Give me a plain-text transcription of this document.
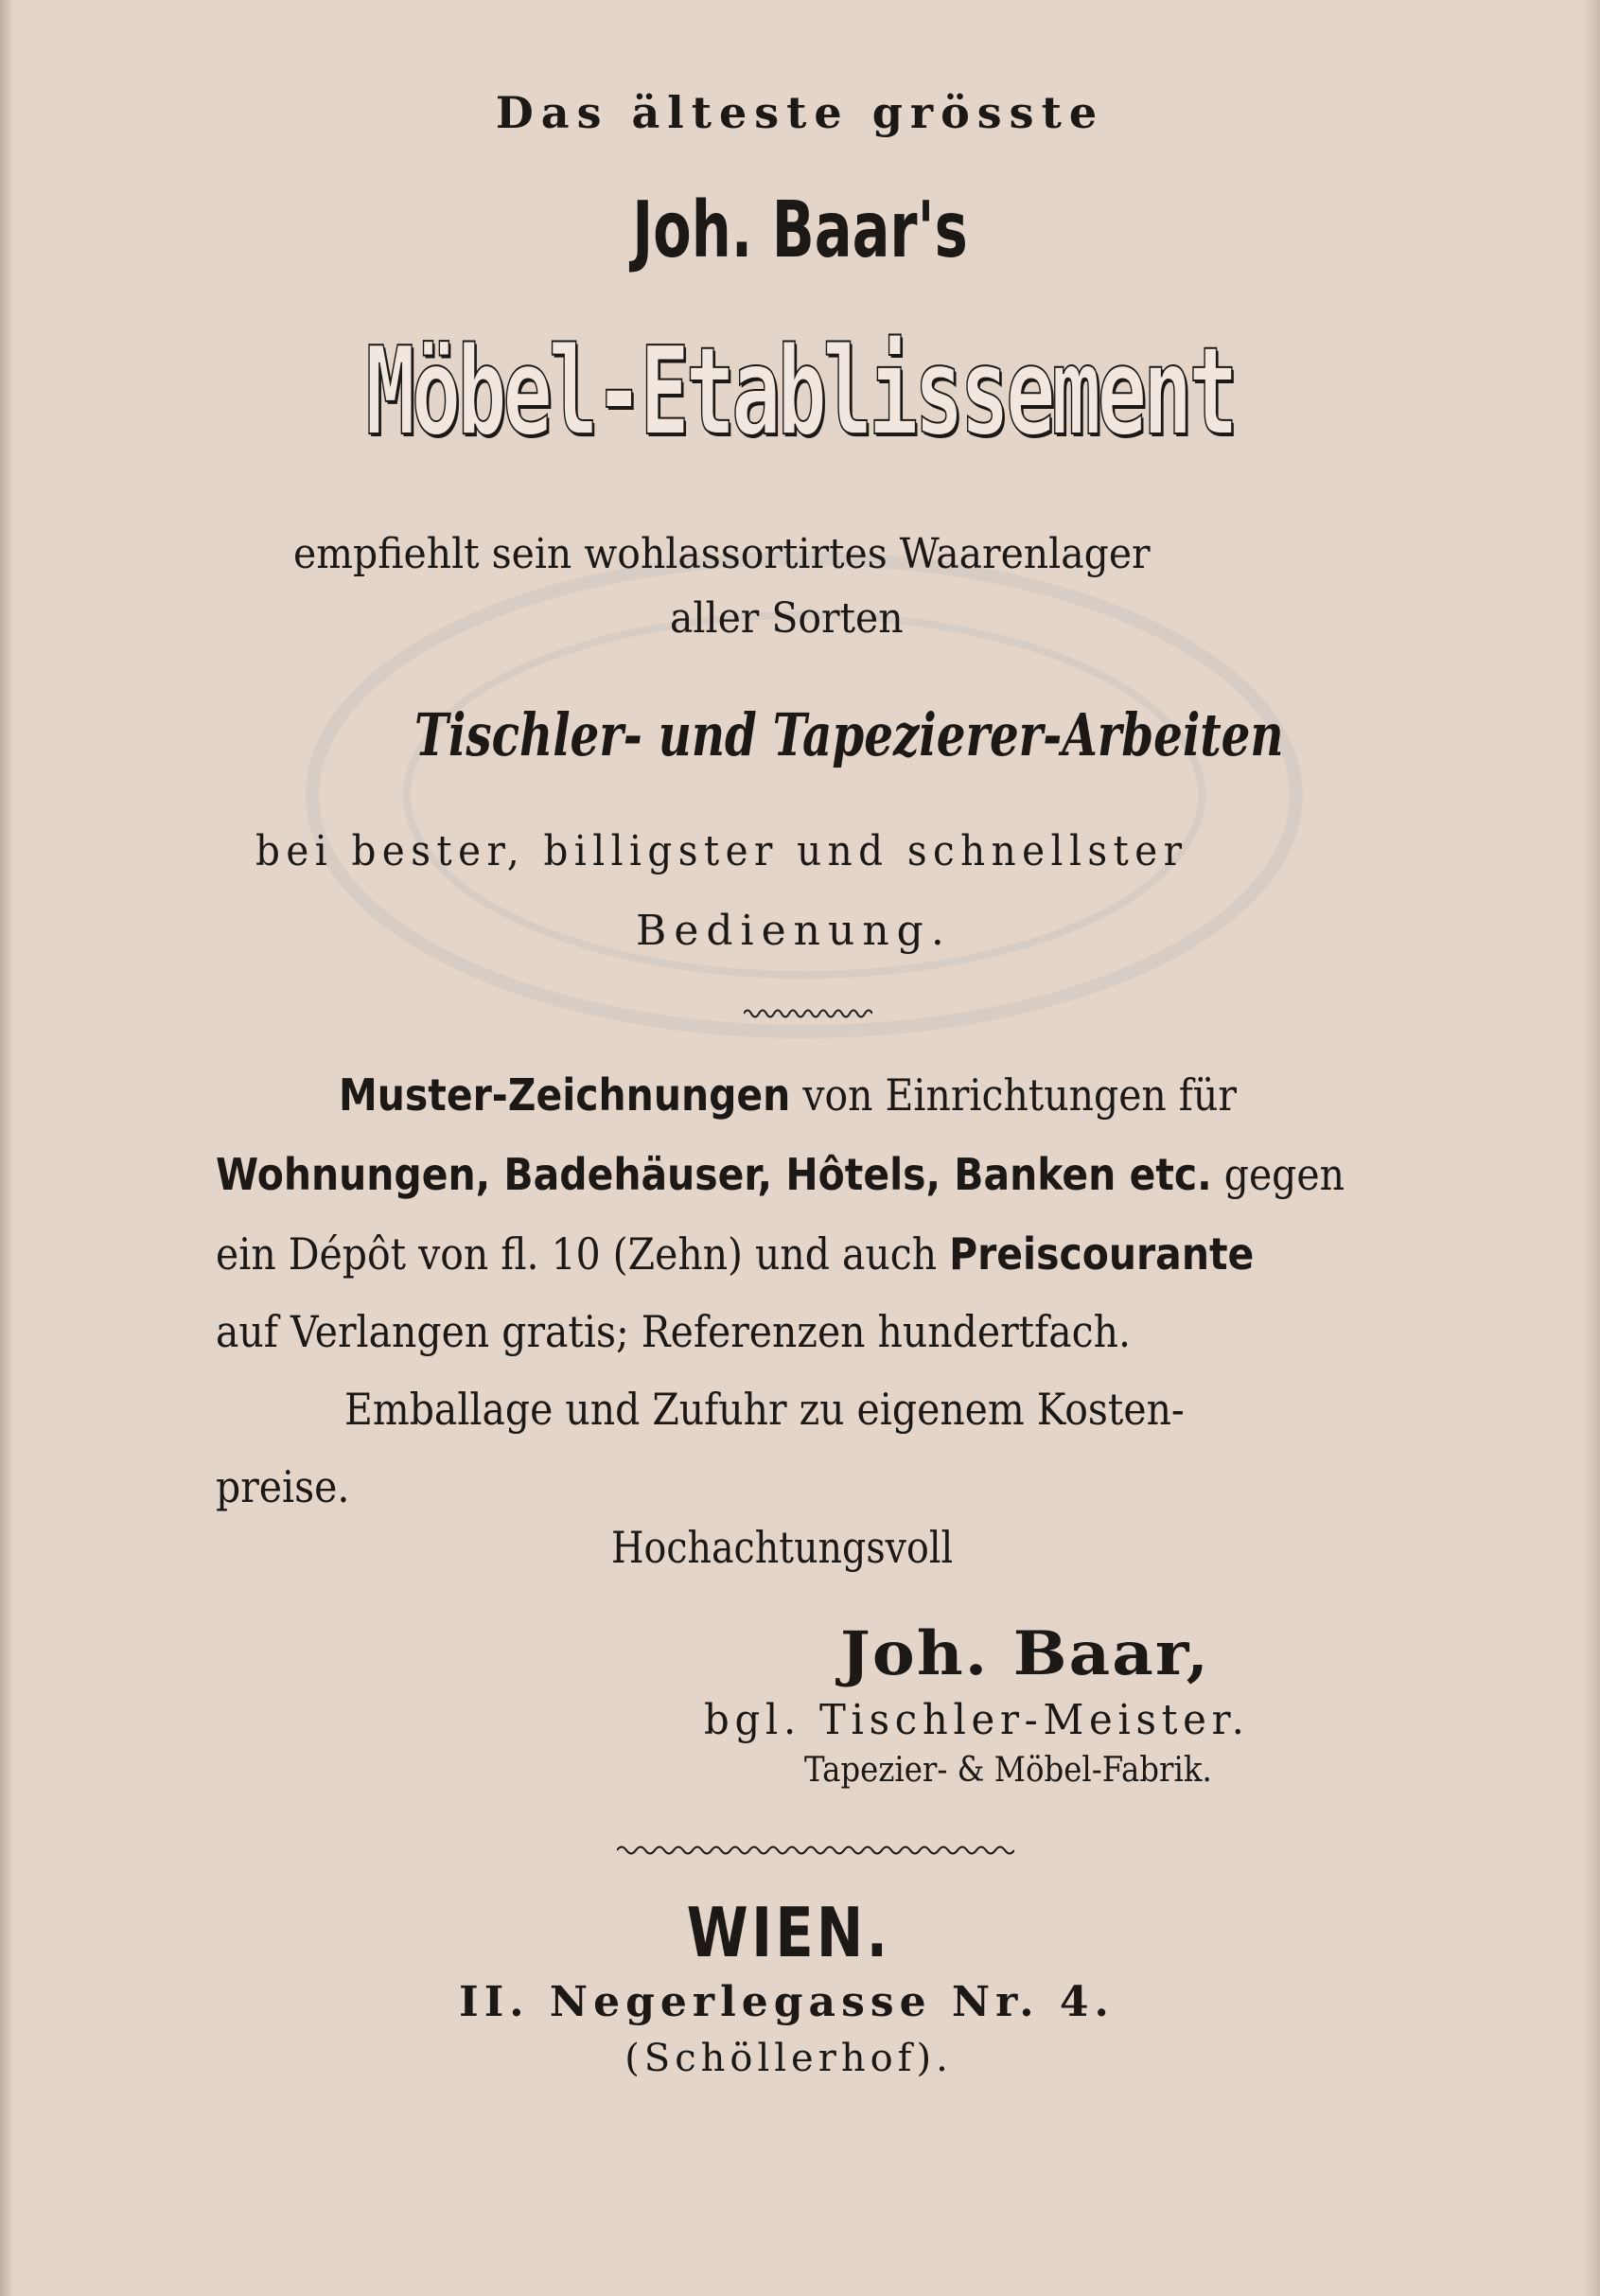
Das älteste grösste
Joh. Baar's
Möbel-Etablissement
empfiehlt sein wohlassortirtes Waarenlager
aller Sorten
Tischler- und Tapezierer-Arbeiten
bei bester, billigster und schnellster
Bedienung.
Muster-Zeichnungen von Einrichtungen für
Wohnungen, Badehäuser, Hôtels, Banken etc. gegen
ein Dépôt von fl. 10 (Zehn) und auch Preiscourante
auf Verlangen gratis; Referenzen hundertfach.
Emballage und Zufuhr zu eigenem Kosten-
preise.
Hochachtungsvoll
Joh. Baar,
bgl. Tischler-Meister.
Tapezier- & Möbel-Fabrik.
WIEN.
II. Negerlegasse Nr. 4.
(Schöllerhof).
